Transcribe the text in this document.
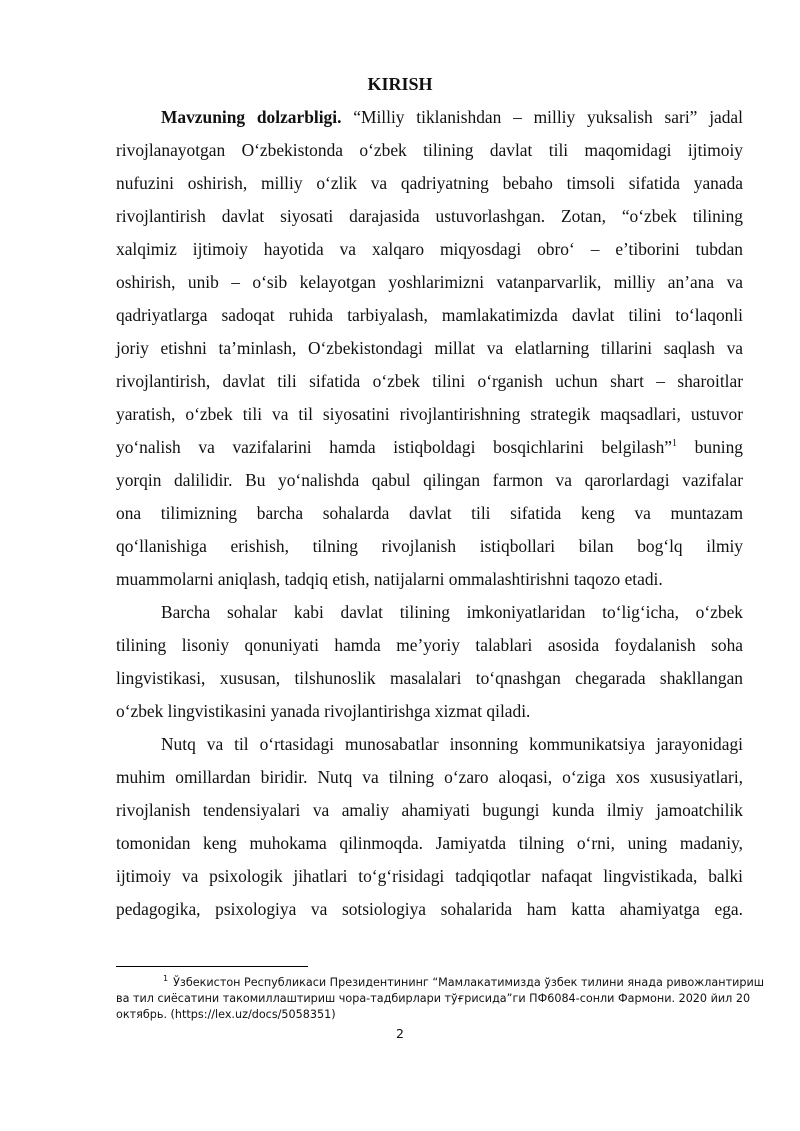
KIRISH
Mavzuning dolzarbligi. “Milliy tiklanishdan – milliy yuksalish sari” jadal
rivojlanayotgan O‘zbekistonda o‘zbek tilining davlat tili maqomidagi ijtimoiy
nufuzini oshirish, milliy o‘zlik va qadriyatning bebaho timsoli sifatida yanada
rivojlantirish davlat siyosati darajasida ustuvorlashgan. Zotan, “o‘zbek tilining
xalqimiz ijtimoiy hayotida va xalqaro miqyosdagi obro‘ – e’tiborini tubdan
oshirish, unib – o‘sib kelayotgan yoshlarimizni vatanparvarlik, milliy an’ana va
qadriyatlarga sadoqat ruhida tarbiyalash, mamlakatimizda davlat tilini to‘laqonli
joriy etishni ta’minlash, O‘zbekistondagi millat va elatlarning tillarini saqlash va
rivojlantirish, davlat tili sifatida o‘zbek tilini o‘rganish uchun shart – sharoitlar
yaratish, o‘zbek tili va til siyosatini rivojlantirishning strategik maqsadlari, ustuvor
yo‘nalish va vazifalarini hamda istiqboldagi bosqichlarini belgilash”$^1$ buning
yorqin dalilidir. Bu yo‘nalishda qabul qilingan farmon va qarorlardagi vazifalar
ona tilimizning barcha sohalarda davlat tili sifatida keng va muntazam
qo‘llanishiga erishish, tilning rivojlanish istiqbollari bilan bog‘lq ilmiy
muammolarni aniqlash, tadqiq etish, natijalarni ommalashtirishni taqozo etadi.
Barcha sohalar kabi davlat tilining imkoniyatlaridan to‘lig‘icha, o‘zbek
tilining lisoniy qonuniyati hamda me’yoriy talablari asosida foydalanish soha
lingvistikasi, xususan, tilshunoslik masalalari to‘qnashgan chegarada shakllangan
o‘zbek lingvistikasini yanada rivojlantirishga xizmat qiladi.
Nutq va til o‘rtasidagi munosabatlar insonning kommunikatsiya jarayonidagi
muhim omillardan biridir. Nutq va tilning o‘zaro aloqasi, o‘ziga xos xususiyatlari,
rivojlanish tendensiyalari va amaliy ahamiyati bugungi kunda ilmiy jamoatchilik
tomonidan keng muhokama qilinmoqda. Jamiyatda tilning o‘rni, uning madaniy,
ijtimoiy va psixologik jihatlari to‘g‘risidagi tadqiqotlar nafaqat lingvistikada, balki
pedagogika, psixologiya va sotsiologiya sohalarida ham katta ahamiyatga ega.
$^1$ Ўзбекистон Республикаси Президентининг “Мамлакатимизда ўзбек тилини янада ривожлантириш
ва тил сиёсатини такомиллаштириш чора-тадбирлари тўғрисида”ги ПФ6084-сонли Фармони. 2020 йил 20
октябрь. (https://lex.uz/docs/5058351)
2
